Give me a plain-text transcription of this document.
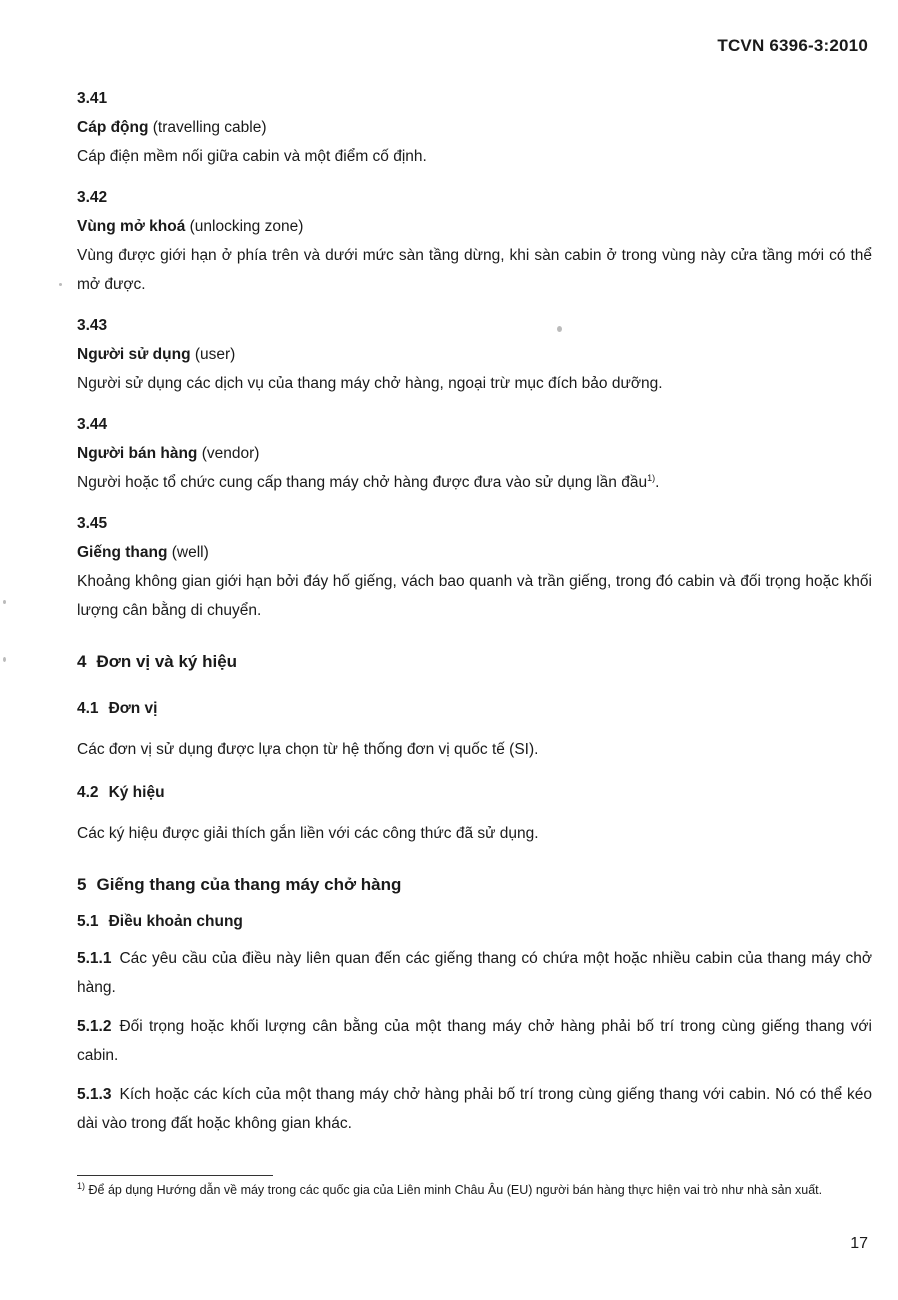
TCVN 6396-3:2010
3.41
Cáp động (travelling cable)
Cáp điện mềm nối giữa cabin và một điểm cố định.
3.42
Vùng mở khoá (unlocking zone)
Vùng được giới hạn ở phía trên và dưới mức sàn tầng dừng, khi sàn cabin ở trong vùng này cửa tầng mới có thể mở được.
3.43
Người sử dụng (user)
Người sử dụng các dịch vụ của thang máy chở hàng, ngoại trừ mục đích bảo dưỡng.
3.44
Người bán hàng (vendor)
Người hoặc tổ chức cung cấp thang máy chở hàng được đưa vào sử dụng lần đầu$^{1)}$.
3.45
Giếng thang (well)
Khoảng không gian giới hạn bởi đáy hố giếng, vách bao quanh và trần giếng, trong đó cabin và đối trọng hoặc khối lượng cân bằng di chuyển.
4 Đơn vị và ký hiệu
4.1 Đơn vị

Các đơn vị sử dụng được lựa chọn từ hệ thống đơn vị quốc tế (SI).

4.2 Ký hiệu

Các ký hiệu được giải thích gắn liền với các công thức đã sử dụng.

5 Giếng thang của thang máy chở hàng
5.1 Điều khoản chung

5.1.1 Các yêu cầu của điều này liên quan đến các giếng thang có chứa một hoặc nhiều cabin của thang máy chở hàng.

5.1.2 Đối trọng hoặc khối lượng cân bằng của một thang máy chở hàng phải bố trí trong cùng giếng thang với cabin.

5.1.3 Kích hoặc các kích của một thang máy chở hàng phải bố trí trong cùng giếng thang với cabin. Nó có thể kéo dài vào trong đất hoặc không gian khác.

$^{1)}$ Để áp dụng Hướng dẫn về máy trong các quốc gia của Liên minh Châu Âu (EU) người bán hàng thực hiện vai trò như nhà sản xuất.
17
